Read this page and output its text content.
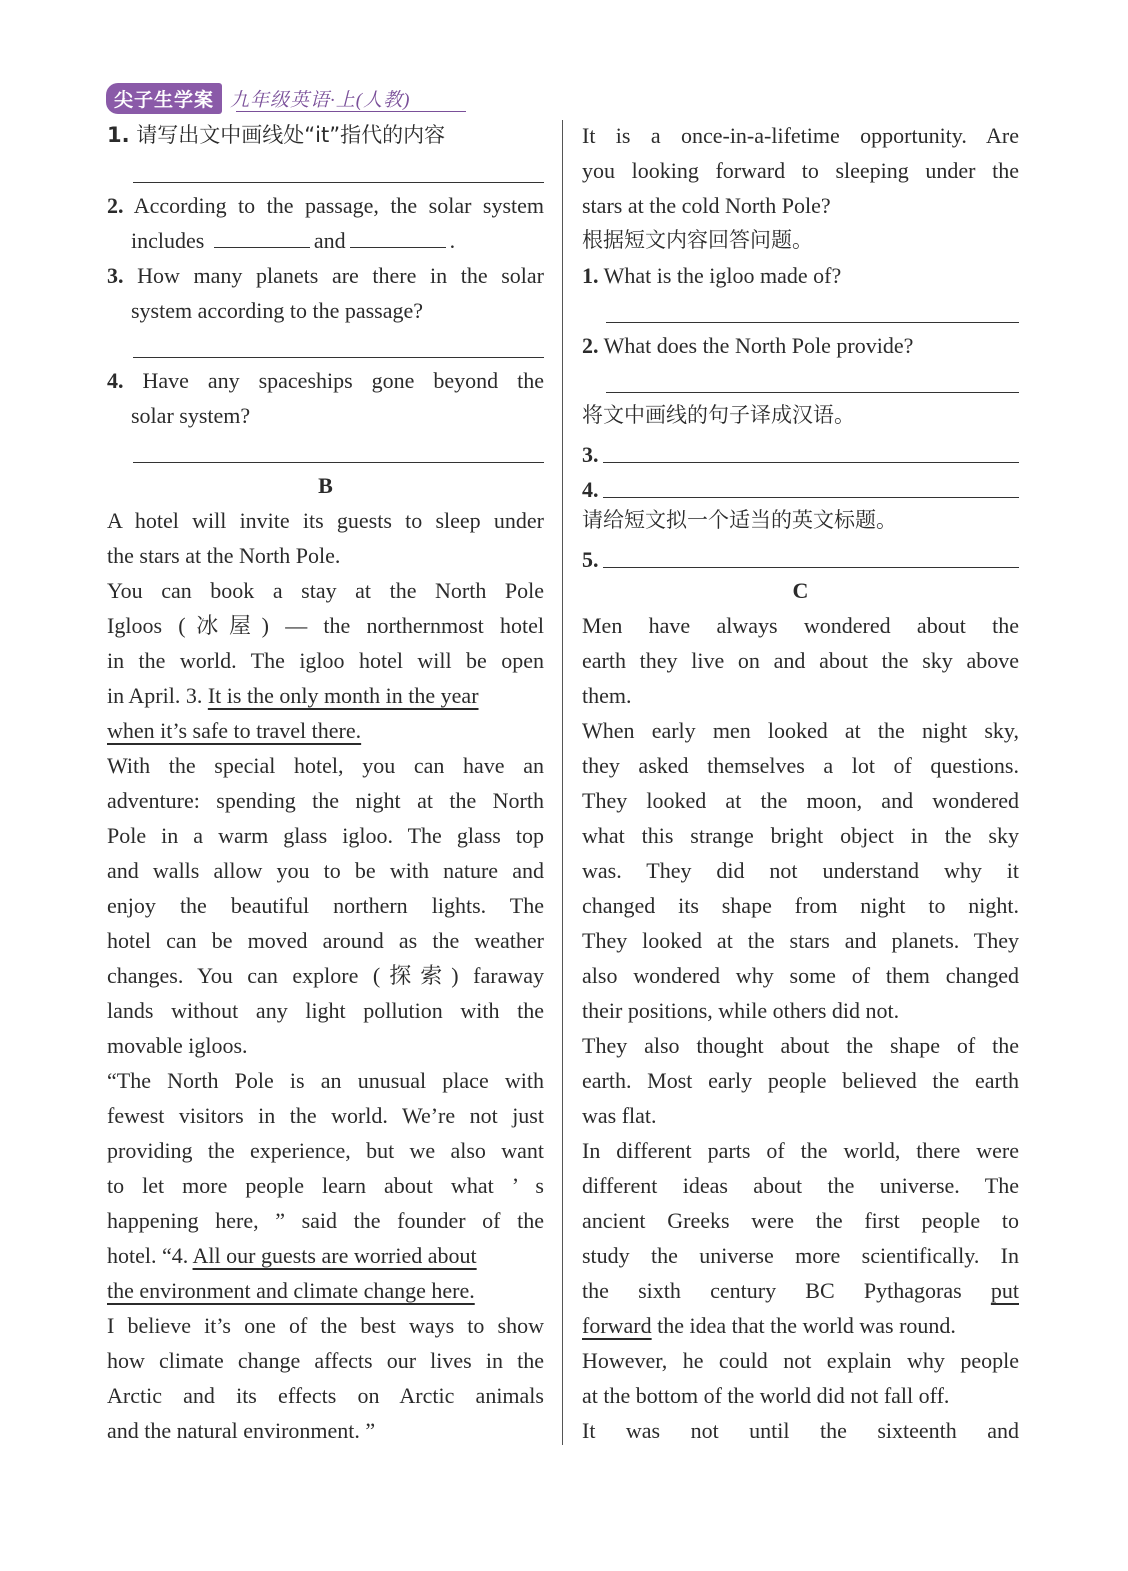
尖子生学案 九年级英语·上(人教)
1. 请写出文中画线处“it”指代的内容
2. According to the passage, the solar system
includes	and	.
3. How many planets are there in the solar
system according to the passage?
4. Have any spaceships gone beyond the
solar system?
B
A hotel will invite its guests to sleep under
the stars at the North Pole.
You can book a stay at the North Pole
Igloos (冰屋) — the northernmost hotel
in the world. The igloo hotel will be open
in April. 3. It is the only month in the year
when it’s safe to travel there.
With the special hotel, you can have an
adventure: spending the night at the North
Pole in a warm glass igloo. The glass top
and walls allow you to be with nature and
enjoy the beautiful northern lights. The
hotel can be moved around as the weather
changes. You can explore (探索) faraway
lands without any light pollution with the
movable igloos.
“The North Pole is an unusual place with
fewest visitors in the world. We’re not just
providing the experience, but we also want
to let more people learn about what ’ s
happening here, ” said the founder of the
hotel. “4. All our guests are worried about
the environment and climate change here.
I believe it’s one of the best ways to show
how climate change affects our lives in the
Arctic and its effects on Arctic animals
and the natural environment. ”
It is a once-in-a-lifetime opportunity. Are
you looking forward to sleeping under the
stars at the cold North Pole?
根据短文内容回答问题。
1. What is the igloo made of?
2. What does the North Pole provide?
将文中画线的句子译成汉语。
3.
4.
请给短文拟一个适当的英文标题。
5.
C
Men have always wondered about the
earth they live on and about the sky above
them.
When early men looked at the night sky,
they asked themselves a lot of questions.
They looked at the moon, and wondered
what this strange bright object in the sky
was. They did not understand why it
changed its shape from night to night.
They looked at the stars and planets. They
also wondered why some of them changed
their positions, while others did not.
They also thought about the shape of the
earth. Most early people believed the earth
was flat.
In different parts of the world, there were
different ideas about the universe. The
ancient Greeks were the first people to
study the universe more scientifically. In
the sixth century BC Pythagoras put
forward the idea that the world was round.
However, he could not explain why people
at the bottom of the world did not fall off.
It was not until the sixteenth and
